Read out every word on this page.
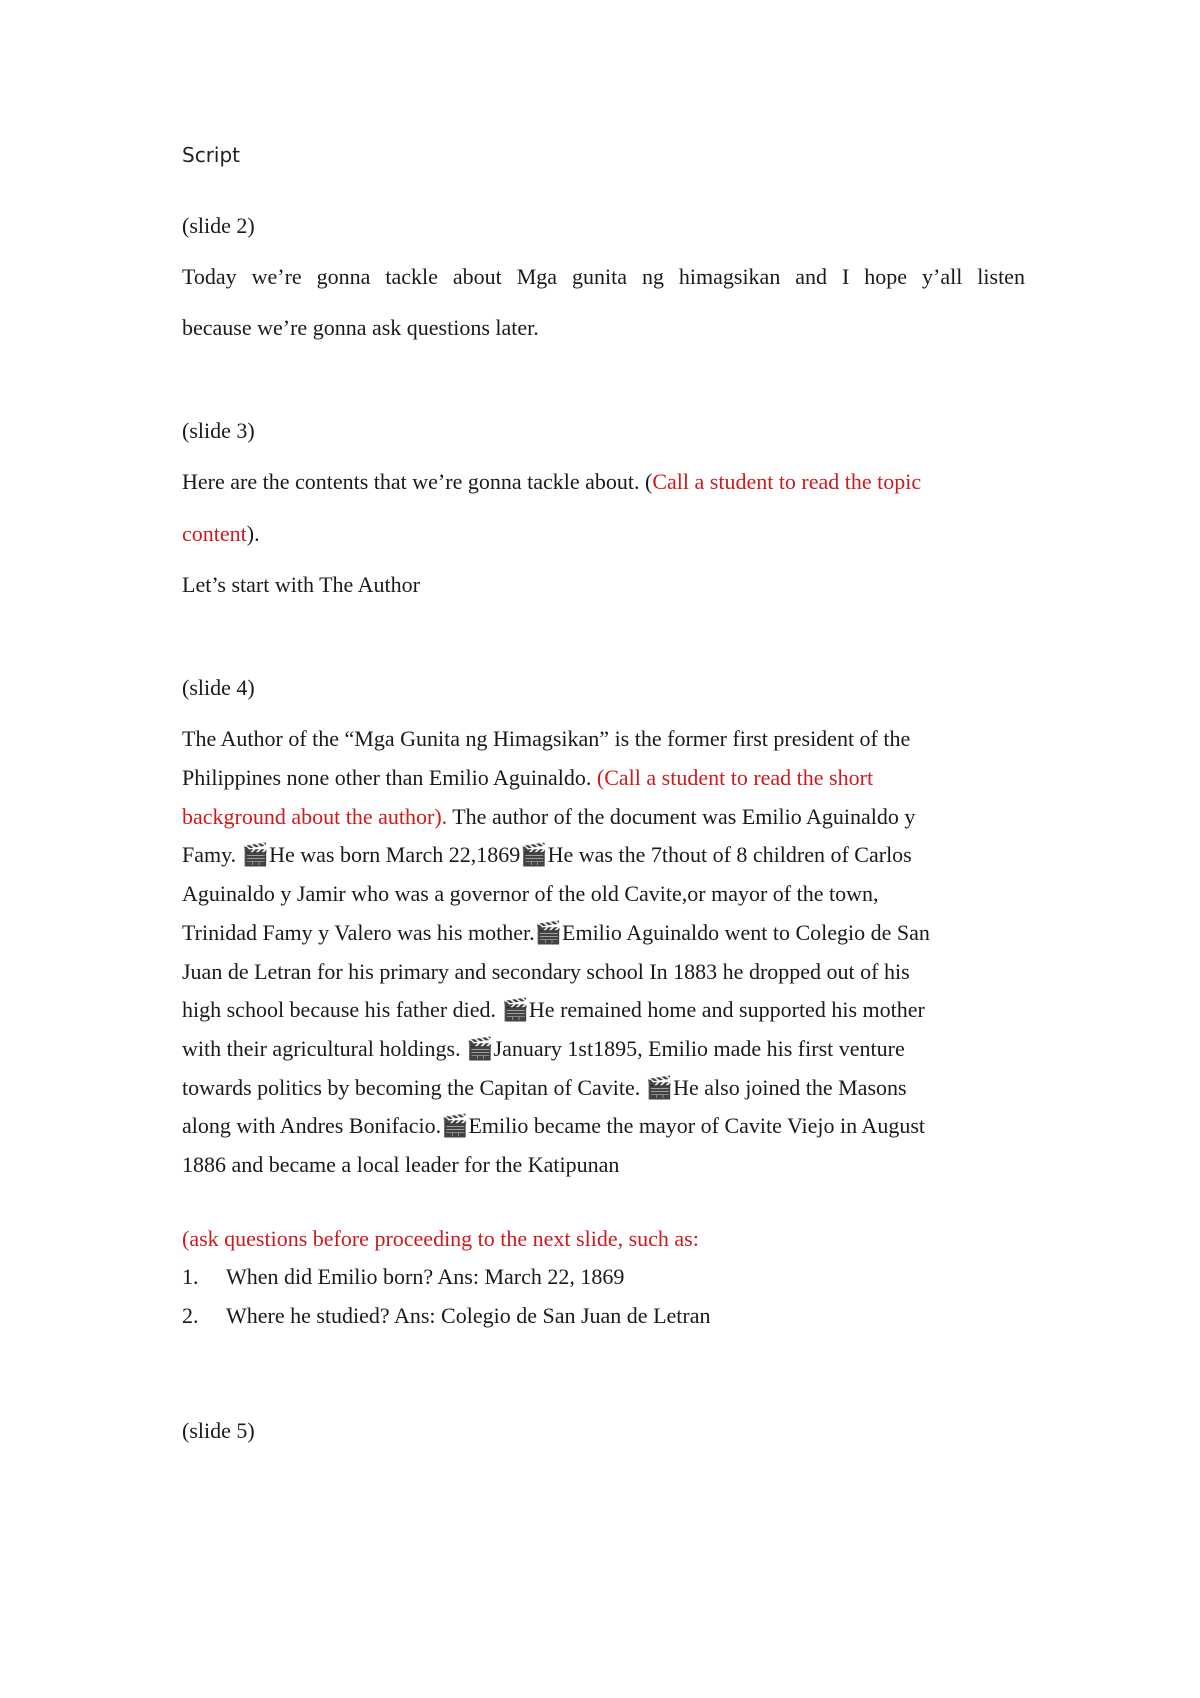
Script
(slide 2)
Today we’re gonna tackle about Mga gunita ng himagsikan and I hope y’all listen
because we’re gonna ask questions later.
(slide 3)
Here are the contents that we’re gonna tackle about. (Call a student to read the topic
content).
Let’s start with The Author
(slide 4)
The Author of the “Mga Gunita ng Himagsikan” is the former first president of the
Philippines none other than Emilio Aguinaldo. (Call a student to read the short
background about the author). The author of the document was Emilio Aguinaldo y
Famy. 🎬He was born March 22,1869🎬He was the 7thout of 8 children of Carlos
Aguinaldo y Jamir who was a governor of the old Cavite,or mayor of the town,
Trinidad Famy y Valero was his mother.🎬Emilio Aguinaldo went to Colegio de San
Juan de Letran for his primary and secondary school In 1883 he dropped out of his
high school because his father died. 🎬He remained home and supported his mother
with their agricultural holdings. 🎬January 1st1895, Emilio made his first venture
towards politics by becoming the Capitan of Cavite. 🎬He also joined the Masons
along with Andres Bonifacio.🎬Emilio became the mayor of Cavite Viejo in August
1886 and became a local leader for the Katipunan
(ask questions before proceeding to the next slide, such as:
1. When did Emilio born? Ans: March 22, 1869
2. Where he studied? Ans: Colegio de San Juan de Letran
(slide 5)
